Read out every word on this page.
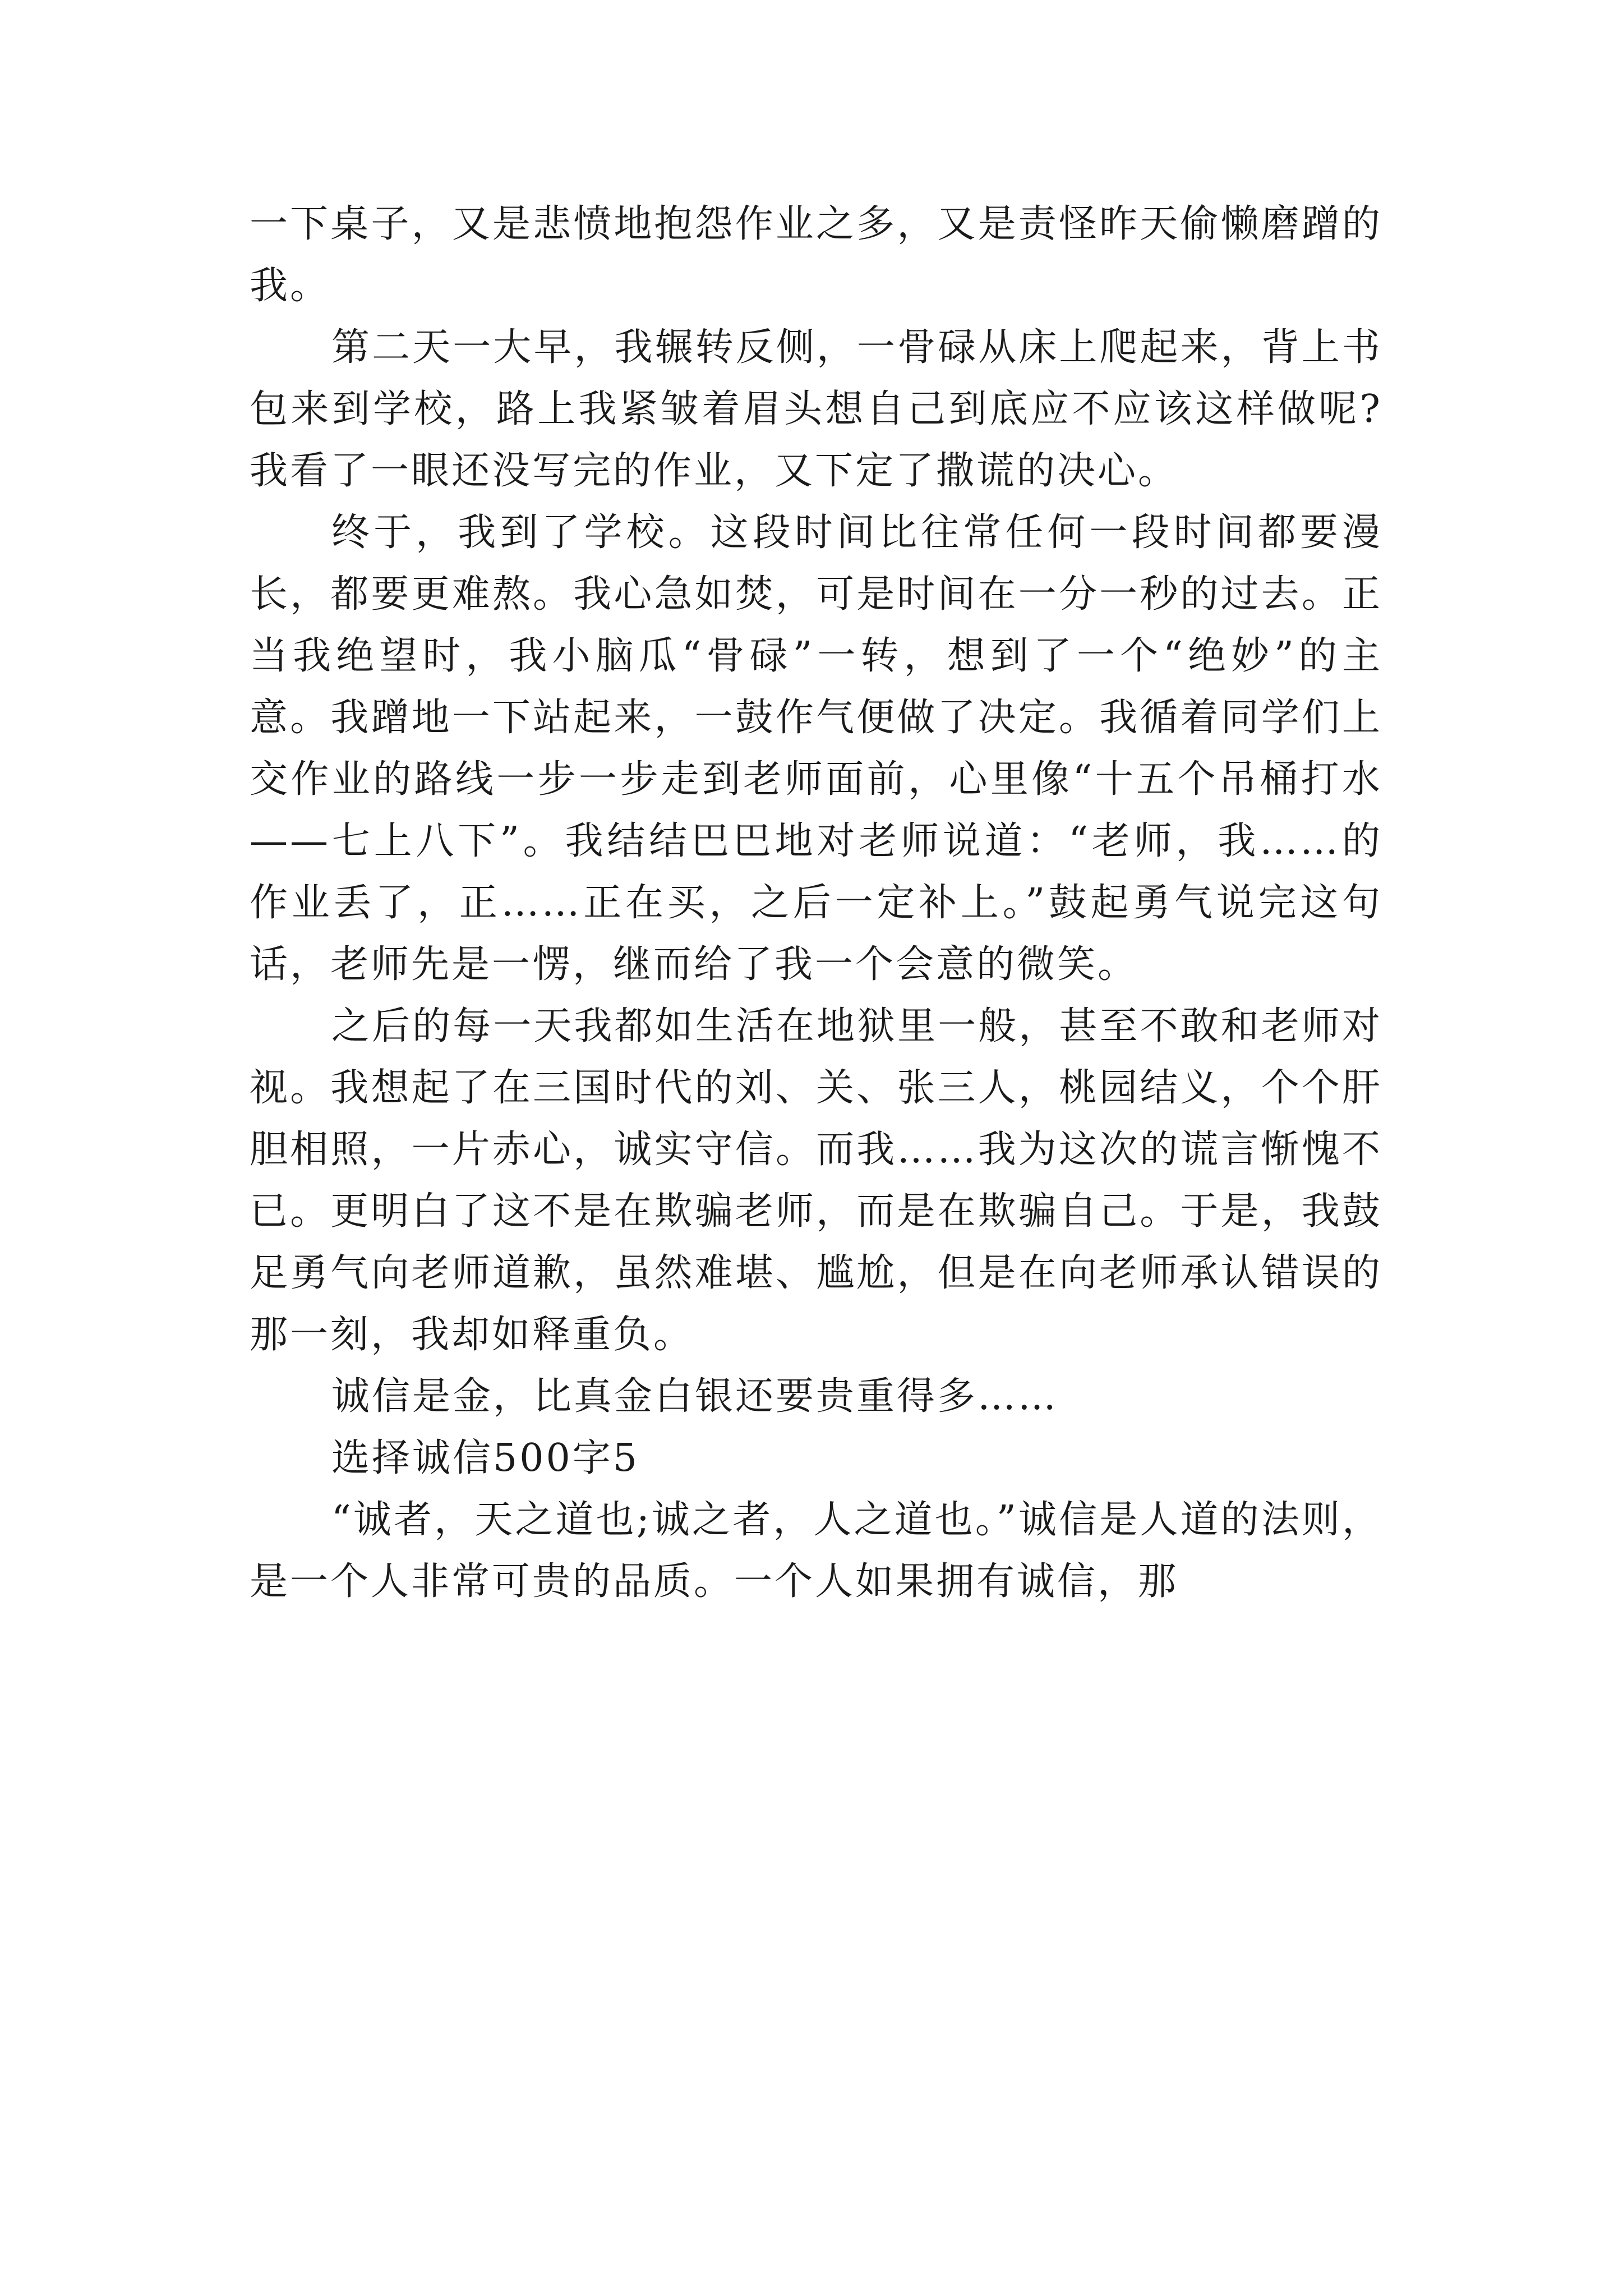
一下桌子，又是悲愤地抱怨作业之多，又是责怪昨天偷懒磨蹭的我。

第二天一大早，我辗转反侧，一骨碌从床上爬起来，背上书包来到学校，路上我紧皱着眉头想自己到底应不应该这样做呢?我看了一眼还没写完的作业，又下定了撒谎的决心。

终于，我到了学校。这段时间比往常任何一段时间都要漫长，都要更难熬。我心急如焚，可是时间在一分一秒的过去。正当我绝望时，我小脑瓜“骨碌”一转，想到了一个“绝妙”的主意。我蹭地一下站起来，一鼓作气便做了决定。我循着同学们上交作业的路线一步一步走到老师面前，心里像“十五个吊桶打水——七上八下”。我结结巴巴地对老师说道：“老师，我……的作业丢了，正……正在买，之后一定补上。”鼓起勇气说完这句话，老师先是一愣，继而给了我一个会意的微笑。

之后的每一天我都如生活在地狱里一般，甚至不敢和老师对视。我想起了在三国时代的刘、关、张三人，桃园结义，个个肝胆相照，一片赤心，诚实守信。而我……我为这次的谎言惭愧不已。更明白了这不是在欺骗老师，而是在欺骗自己。于是，我鼓足勇气向老师道歉，虽然难堪、尴尬，但是在向老师承认错误的那一刻，我却如释重负。

诚信是金，比真金白银还要贵重得多……

选择诚信500字5

“诚者，天之道也;诚之者，人之道也。”诚信是人道的法则，是一个人非常可贵的品质。一个人如果拥有诚信，那
